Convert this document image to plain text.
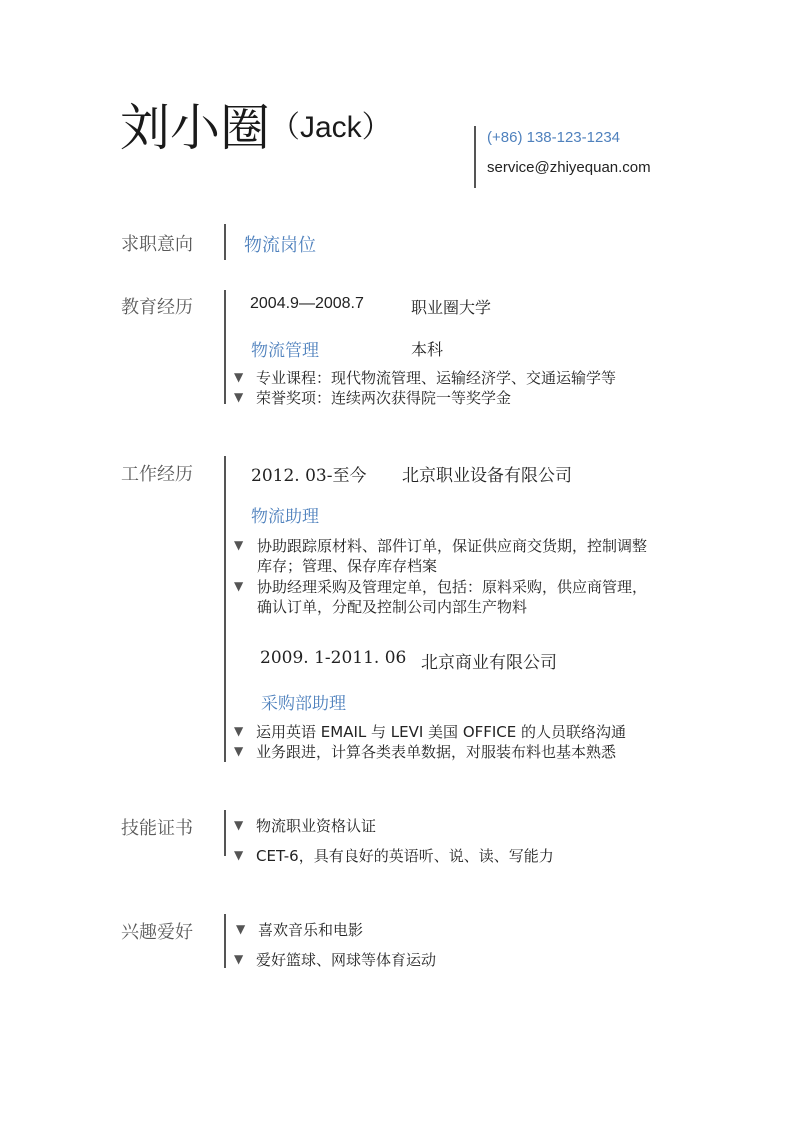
刘小圈（Jack）	(+86) 138-123-1234
service@zhiyequan.com
求职意向	物流岗位
教育经历	2004.9—2008.7	职业圈大学
物流管理	本科
▼ 专业课程：现代物流管理、运输经济学、交通运输学等
▼ 荣誉奖项：连续两次获得院一等奖学金
工作经历	2012. 03-至今 北京职业设备有限公司
物流助理
▼ 协助跟踪原材料、部件订单，保证供应商交货期，控制调整
库存；管理、保存库存档案
▼ 协助经理采购及管理定单，包括：原料采购，供应商管理，
确认订单，分配及控制公司内部生产物料
2009. 1-2011. 06 北京商业有限公司
采购部助理
▼ 运用英语 EMAIL 与 LEVI 美国 OFFICE 的人员联络沟通
▼ 业务跟进，计算各类表单数据，对服装布料也基本熟悉
技能证书	▼ 物流职业资格认证
▼ CET-6，具有良好的英语听、说、读、写能力
兴趣爱好	▼ 喜欢音乐和电影
▼ 爱好篮球、网球等体育运动
